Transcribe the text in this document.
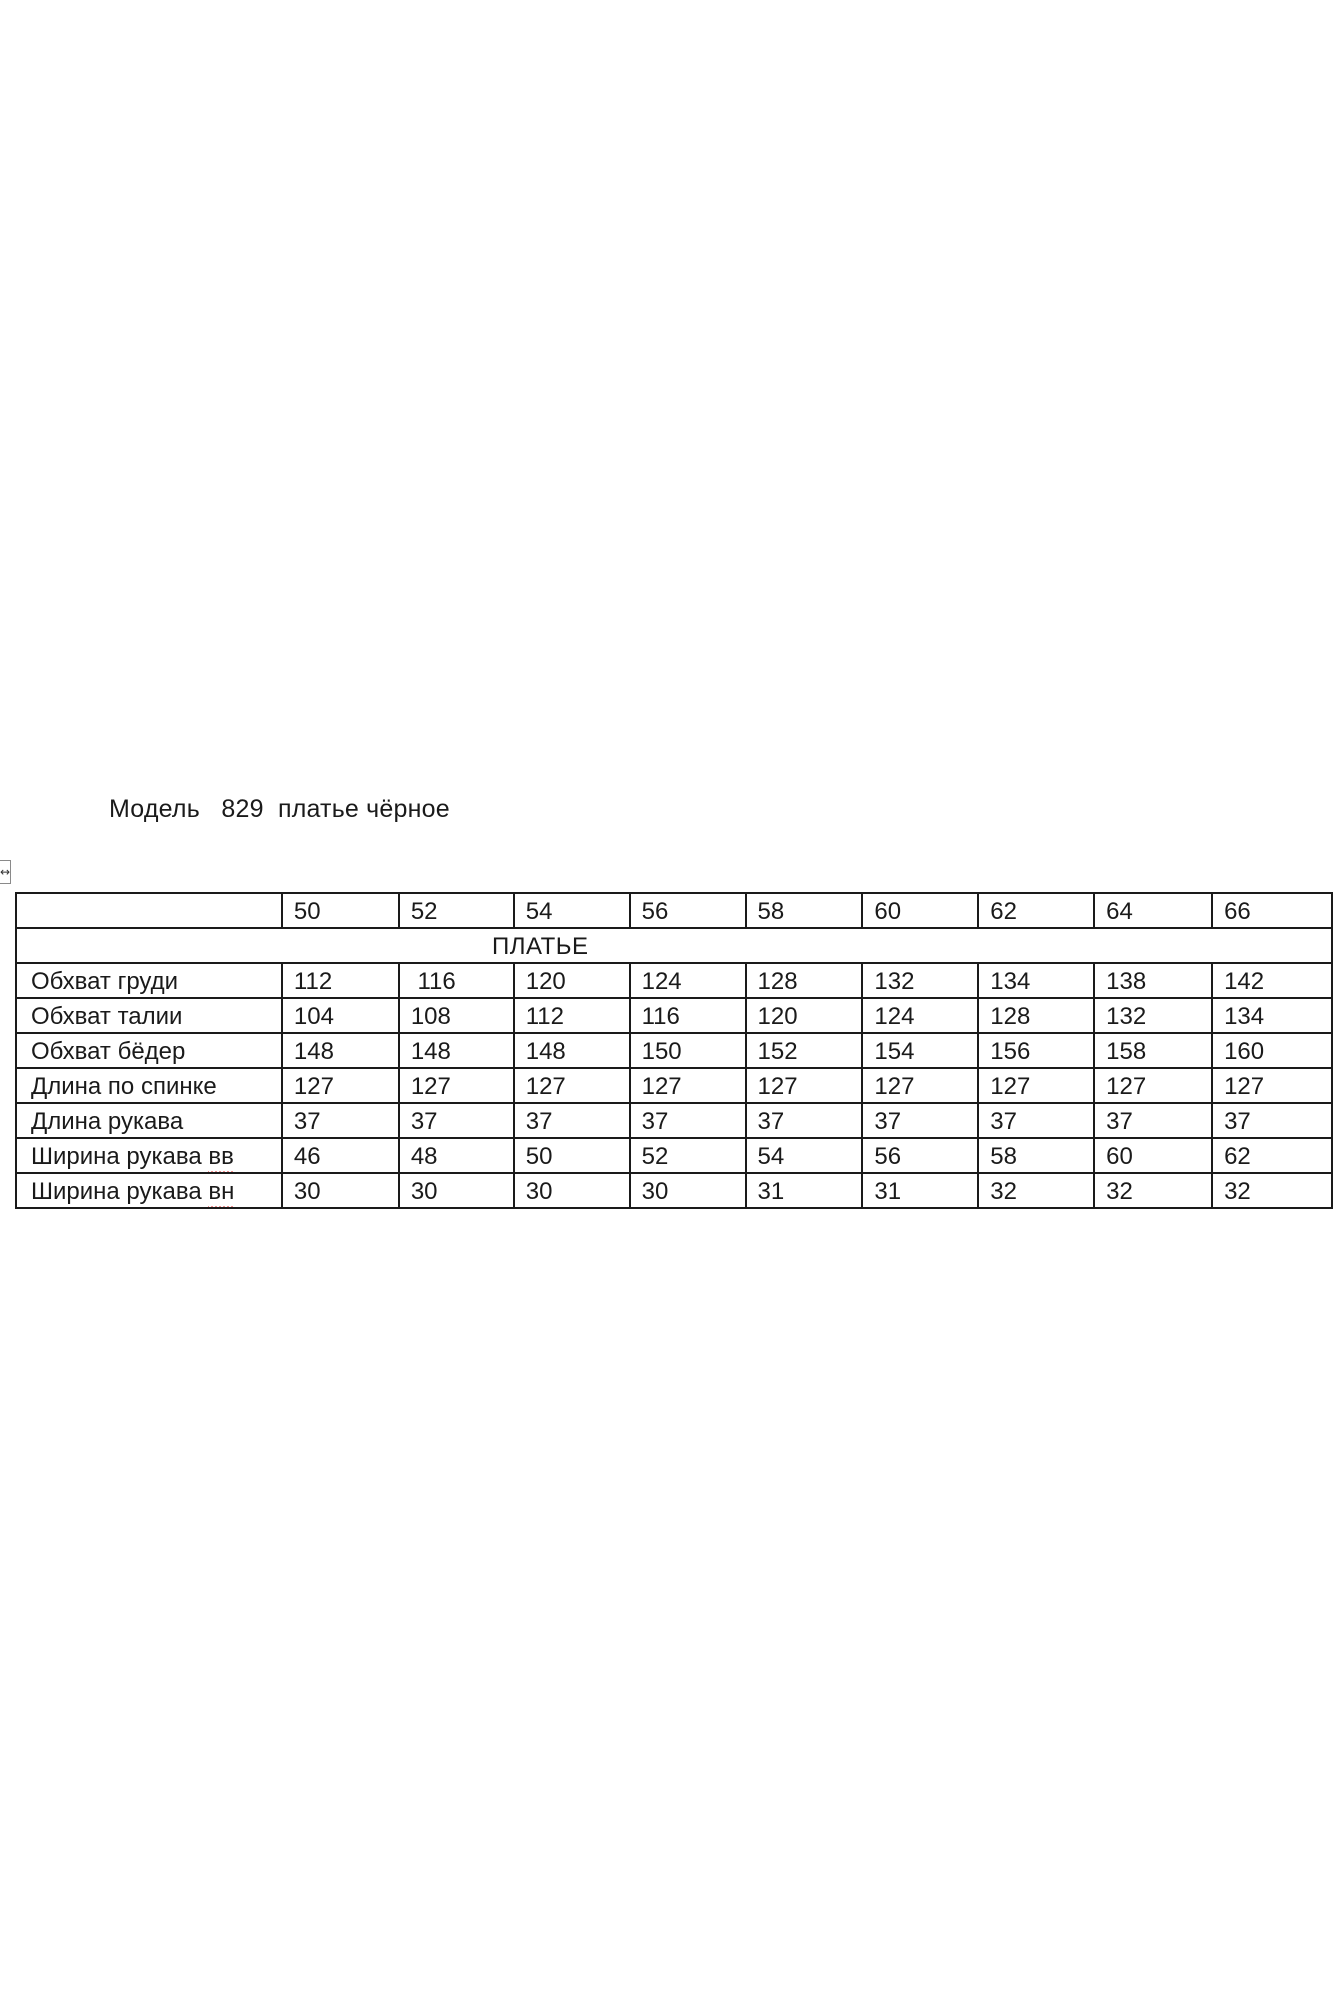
Модель   829  платье чёрное
↔
	50	52	54	56	58	60	62	64	66
ПЛАТЬЕ									
Обхват груди	112	116	120	124	128	132	134	138	142
Обхват талии	104	108	112	116	120	124	128	132	134
Обхват бёдер	148	148	148	150	152	154	156	158	160
Длина по спинке	127	127	127	127	127	127	127	127	127
Длина рукава	37	37	37	37	37	37	37	37	37
Ширина рукава вв	46	48	50	52	54	56	58	60	62
Ширина рукава вн	30	30	30	30	31	31	32	32	32
